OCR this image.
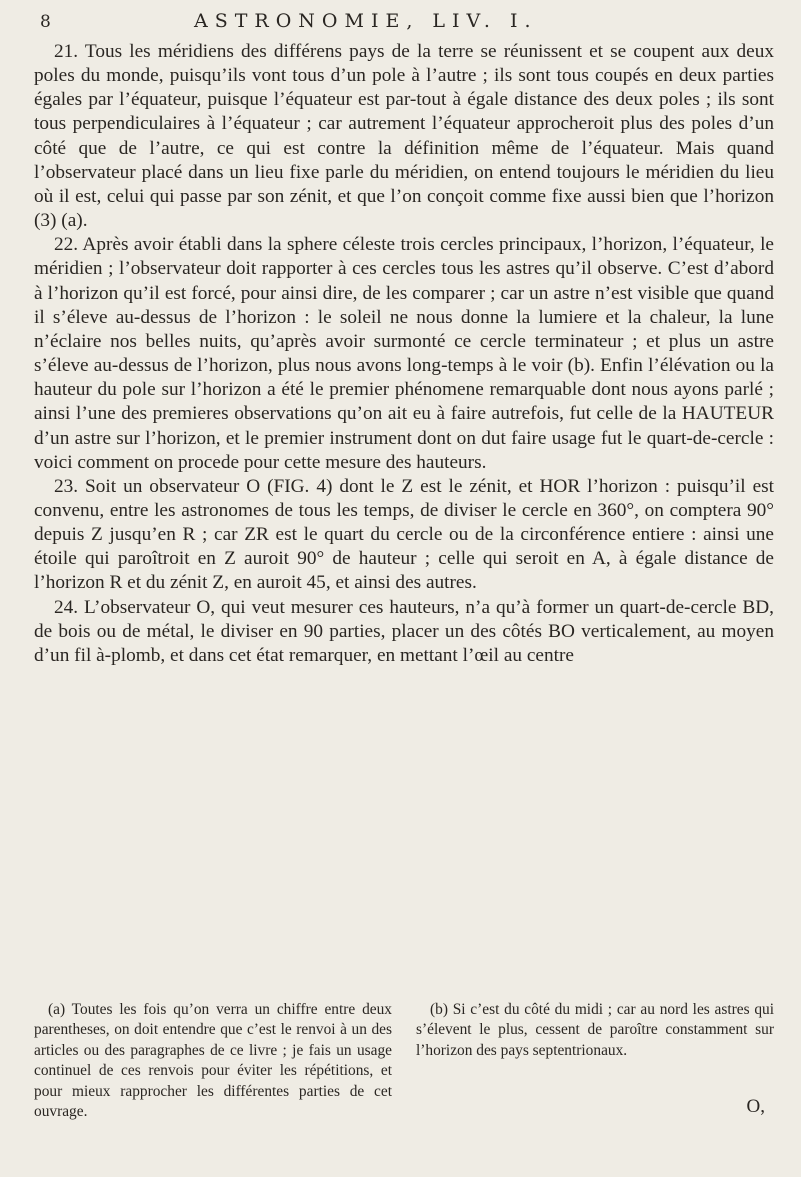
8	ASTRONOMIE, LIV. I.

21. Tous les méridiens des différens pays de la terre se réunissent et se coupent aux deux poles du monde, puisqu’ils vont tous d’un pole à l’autre ; ils sont tous coupés en deux parties égales par l’équateur, puisque l’équateur est par-tout à égale distance des deux poles ; ils sont tous perpendiculaires à l’équateur ; car autrement l’équateur approcheroit plus des poles d’un côté que de l’autre, ce qui est contre la définition même de l’équateur. Mais quand l’observateur placé dans un lieu fixe parle du méridien, on entend toujours le méridien du lieu où il est, celui qui passe par son zénit, et que l’on conçoit comme fixe aussi bien que l’horizon (3) (a).

22. Après avoir établi dans la sphere céleste trois cercles principaux, l’horizon, l’équateur, le méridien ; l’observateur doit rapporter à ces cercles tous les astres qu’il observe. C’est d’abord à l’horizon qu’il est forcé, pour ainsi dire, de les comparer ; car un astre n’est visible que quand il s’éleve au-dessus de l’horizon : le soleil ne nous donne la lumiere et la chaleur, la lune n’éclaire nos belles nuits, qu’après avoir surmonté ce cercle terminateur ; et plus un astre s’éleve au-dessus de l’horizon, plus nous avons long-temps à le voir (b). Enfin l’élévation ou la hauteur du pole sur l’horizon a été le premier phénomene remarquable dont nous ayons parlé ; ainsi l’une des premieres observations qu’on ait eu à faire autrefois, fut celle de la HAUTEUR d’un astre sur l’horizon, et le premier instrument dont on dut faire usage fut le quart-de-cercle : voici comment on procede pour cette mesure des hauteurs.

23. Soit un observateur O (FIG. 4) dont le Z est le zénit, et HOR l’horizon : puisqu’il est convenu, entre les astronomes de tous les temps, de diviser le cercle en 360°, on comptera 90° depuis Z jusqu’en R ; car ZR est le quart du cercle ou de la circonférence entiere : ainsi une étoile qui paroîtroit en Z auroit 90° de hauteur ; celle qui seroit en A, à égale distance de l’horizon R et du zénit Z, en auroit 45, et ainsi des autres.

24. L’observateur O, qui veut mesurer ces hauteurs, n’a qu’à former un quart-de-cercle BD, de bois ou de métal, le diviser en 90 parties, placer un des côtés BO verticalement, au moyen d’un fil à-plomb, et dans cet état remarquer, en mettant l’œil au centre

(a) Toutes les fois qu’on verra un chiffre entre deux parentheses, on doit entendre que c’est le renvoi à un des articles ou des paragraphes de ce livre ; je fais un usage continuel de ces renvois pour éviter les répétitions, et pour mieux rapprocher les différentes parties de cet ouvrage.

(b) Si c’est du côté du midi ; car au nord les astres qui s’élevent le plus, cessent de paroître constamment sur l’horizon des pays septentrionaux.

O,
